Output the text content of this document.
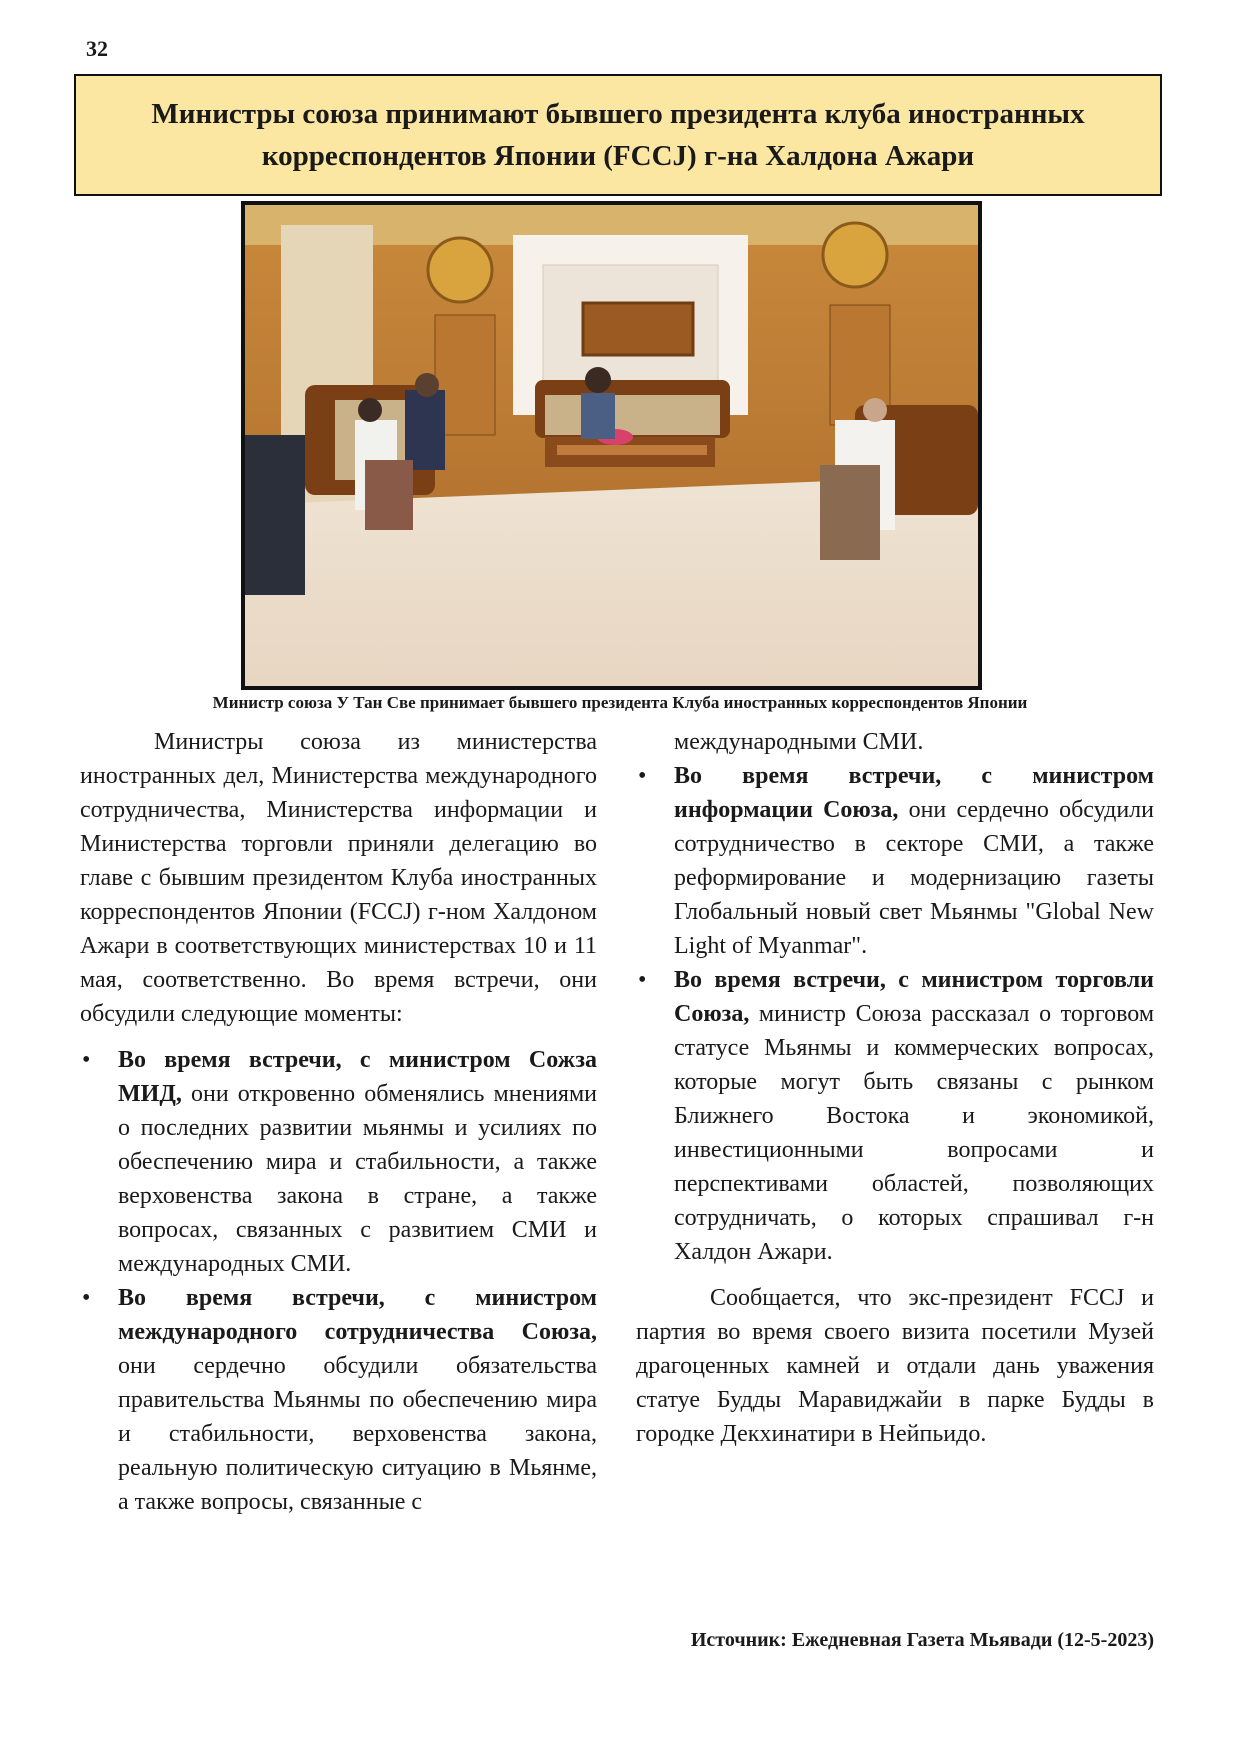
32
Министры союза принимают бывшего президента клуба иностранных корреспондентов Японии (FCCJ) г-на Халдона Ажари
Министр союза У Тан Све принимает бывшего президента Клуба иностранных корреспондентов Японии

Министры союза из министерства иностранных дел, Министерства международного сотрудничества, Министерства информации и Министерства торговли приняли делегацию во главе с бывшим президентом Клуба иностранных корреспондентов Японии (FCCJ) г-ном Халдоном Ажари в соответствующих министерствах 10 и 11 мая, соответственно. Во время встречи, они обсудили следующие моменты:

• Во время встречи, с министром Сожза МИД, они откровенно обменялись мнениями о последних развитии мьянмы и усилиях по обеспечению мира и стабильности, а также верховенства закона в стране, а также вопросах, связанных с развитием СМИ и международных СМИ.
• Во время встречи, с министром международного сотрудничества Союза, они сердечно обсудили обязательства правительства Мьянмы по обеспечению мира и стабильности, верховенства закона, реальную политическую ситуацию в Мьянме, а также вопросы, связанные с
международными СМИ.
• Во время встречи, с министром информации Союза, они сердечно обсудили сотрудничество в секторе СМИ, а также реформирование и модернизацию газеты Глобальный новый свет Мьянмы "Global New Light of Myanmar".
• Во время встречи, с министром торговли Союза, министр Союза рассказал о торговом статусе Мьянмы и коммерческих вопросах, которые могут быть связаны с рынком Ближнего Востока и экономикой, инвестиционными вопросами и перспективами областей, позволяющих сотрудничать, о которых спрашивал г-н Халдон Ажари.

Сообщается, что экс-президент FCCJ и партия во время своего визита посетили Музей драгоценных камней и отдали дань уважения статуе Будды Маравиджайи в парке Будды в городке Декхинатири в Нейпьидо.

Источник: Ежедневная Газета Мьявади (12-5-2023)
